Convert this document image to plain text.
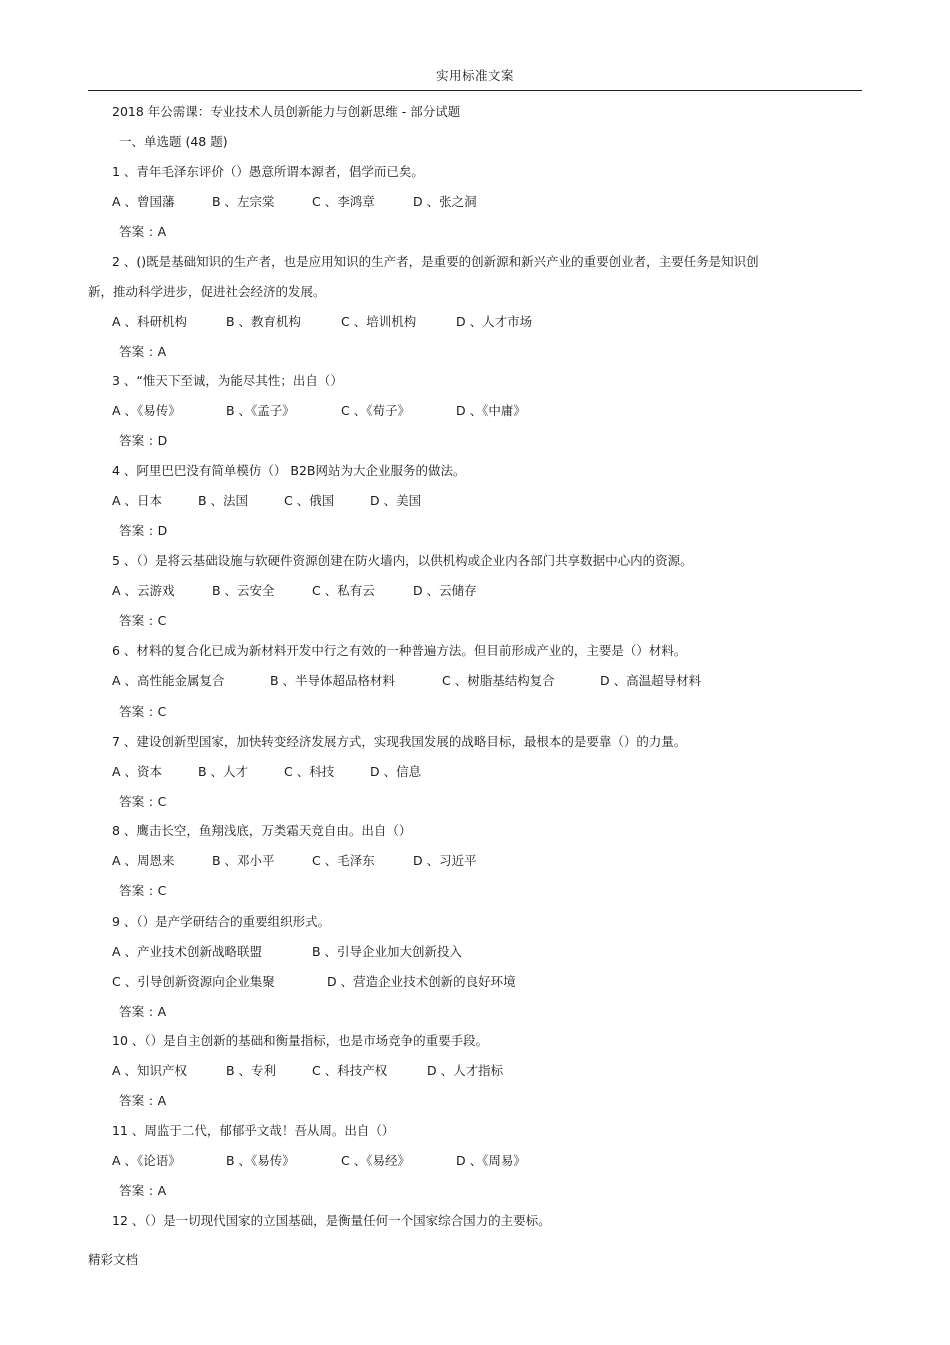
实用标准文案
2018 年公需课：专业技术人员创新能力与创新思维 - 部分试题
一、单选题 (48 题)
1 、青年毛泽东评价（）愚意所谓本源者，倡学而已矣。
A 、曾国藩	B 、左宗棠	C 、李鸿章	D 、张之洞
答案 : A
2 、()既是基础知识的生产者，也是应用知识的生产者，是重要的创新源和新兴产业的重要创业者，主要任务是知识创
新，推动科学进步，促进社会经济的发展。
A 、科研机构	B 、教育机构	C 、培训机构	D 、人才市场
答案 : A
3 、“惟天下至诚，为能尽其性；出自（）
A 、《易传》	B 、《孟子》	C 、《荀子》	D 、《中庸》
答案 : D
4 、阿里巴巴没有简单模仿（） B2B网站为大企业服务的做法。
A 、日本	B 、法国	C 、俄国	D 、美国
答案 : D
5 、（）是将云基础设施与软硬件资源创建在防火墙内，以供机构或企业内各部门共享数据中心内的资源。
A 、云游戏	B 、云安全	C 、私有云	D 、云储存
答案 : C
6 、材料的复合化已成为新材料开发中行之有效的一种普遍方法。但目前形成产业的，主要是（）材料。
A 、高性能金属复合	B 、半导体超品格材料	C 、树脂基结构复合	D 、高温超导材料
答案 : C
7 、建设创新型国家，加快转变经济发展方式，实现我国发展的战略目标，最根本的是要靠（）的力量。
A 、资本	B 、人才	C 、科技	D 、信息
答案 : C
8 、鹰击长空，鱼翔浅底，万类霜天竞自由。出自（）
A 、周恩来	B 、邓小平	C 、毛泽东	D 、习近平
答案 : C
9 、（）是产学研结合的重要组织形式。
A 、产业技术创新战略联盟	B 、引导企业加大创新投入
C 、引导创新资源向企业集聚	D 、营造企业技术创新的良好环境
答案 : A
10 、（）是自主创新的基础和衡量指标，也是市场竞争的重要手段。
A 、知识产权	B 、专利	C 、科技产权	D 、人才指标
答案 : A
11 、周监于二代，郁郁乎文哉！吾从周。出自（）
A 、《论语》	B 、《易传》	C 、《易经》	D 、《周易》
答案 : A
12 、（）是一切现代国家的立国基础，是衡量任何一个国家综合国力的主要标。
精彩文档
